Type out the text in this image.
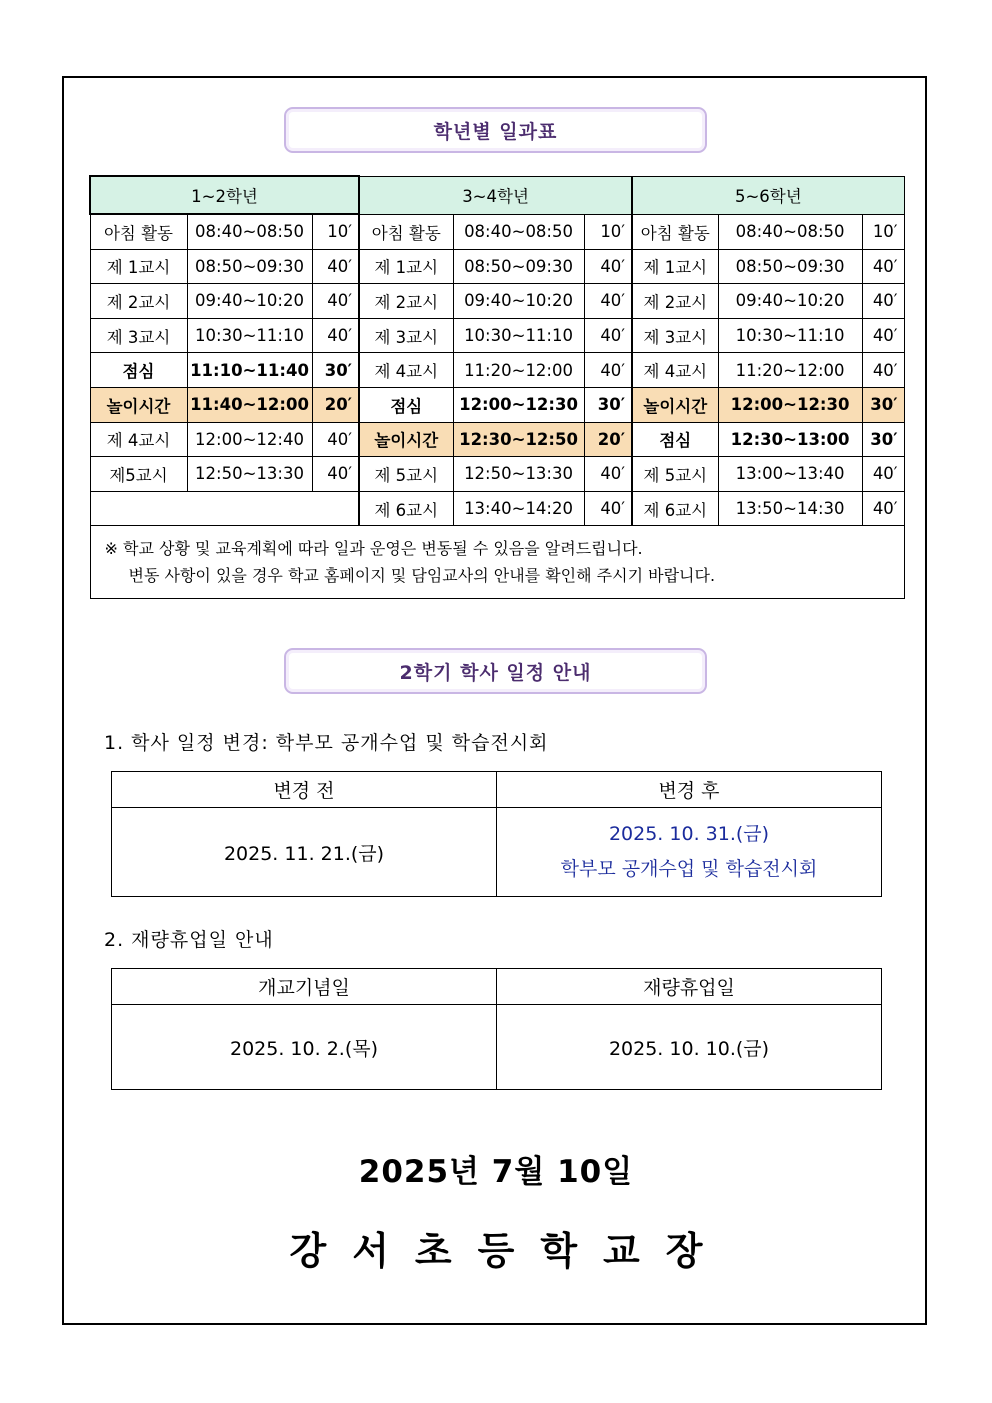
학년별 일과표
1~2학년			3~4학년			5~6학년		
아침 활동	08:40~08:50	10′	아침 활동	08:40~08:50	10′	아침 활동	08:40~08:50	10′
제 1교시	08:50~09:30	40′	제 1교시	08:50~09:30	40′	제 1교시	08:50~09:30	40′
제 2교시	09:40~10:20	40′	제 2교시	09:40~10:20	40′	제 2교시	09:40~10:20	40′
제 3교시	10:30~11:10	40′	제 3교시	10:30~11:10	40′	제 3교시	10:30~11:10	40′
점심	11:10~11:40	30′	제 4교시	11:20~12:00	40′	제 4교시	11:20~12:00	40′
놀이시간	11:40~12:00	20′	점심	12:00~12:30	30′	놀이시간	12:00~12:30	30′
제 4교시	12:00~12:40	40′	놀이시간	12:30~12:50	20′	점심	12:30~13:00	30′
제5교시	12:50~13:30	40′	제 5교시	12:50~13:30	40′	제 5교시	13:00~13:40	40′
			제 6교시	13:40~14:20	40′	제 6교시	13:50~14:30	40′

※ 학교 상황 및 교육계획에 따라 일과 운영은 변동될 수 있음을 알려드립니다.
변동 사항이 있을 경우 학교 홈페이지 및 담임교사의 안내를 확인해 주시기 바랍니다.								
2학기 학사 일정 안내
1. 학사 일정 변경: 학부모 공개수업 및 학습전시회
변경 전	변경 후
2025. 11. 21.(금)	2025. 10. 31.(금)
학부모 공개수업 및 학습전시회
2. 재량휴업일 안내
개교기념일	재량휴업일
2025. 10. 2.(목)	2025. 10. 10.(금)
2025년 7월 10일
강서초등학교장
